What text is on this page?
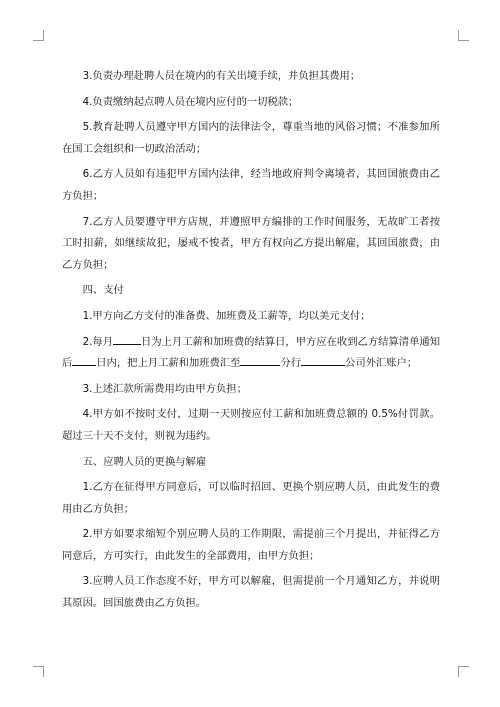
3.负责办理赴聘人员在境内的有关出境手续，并负担其费用；

4.负责缴纳起点聘人员在境内应付的一切税款；

5.教育赴聘人员遵守甲方国内的法律法令，尊重当地的风俗习惯；不准参加所在国工会组织和一切政治活动；

6.乙方人员如有违犯甲方国内法律，经当地政府判令离境者，其回国旅费由乙方负担；

7.乙方人员要遵守甲方店规，并遵照甲方编排的工作时间服务，无故旷工者按工时扣薪，如继续故犯，屡戒不悛者，甲方有权向乙方提出解雇，其回国旅费，由乙方负担；

四、支付

1.甲方向乙方支付的准备费、加班费及工薪等，均以美元支付；

2.每月	日为上月工薪和加班费的结算日，甲方应在收到乙方结算清单通知后 日内，把上月工薪和加班费汇至	分行	公司外汇账户；

3.上述汇款所需费用均由甲方负担；

4.甲方如不按时支付，过期一天则按应付工薪和加班费总额的 0.5%付罚款。超过三十天不支付，则视为违约。

五、应聘人员的更换与解雇

1.乙方在征得甲方同意后，可以临时招回、更换个别应聘人员，由此发生的费用由乙方负担；

2.甲方如要求缩短个别应聘人员的工作期限，需提前三个月提出，并征得乙方同意后，方可实行，由此发生的全部费用，由甲方负担；

3.应聘人员工作态度不好，甲方可以解雇，但需提前一个月通知乙方，并说明其原因。回国旅费由乙方负担。
